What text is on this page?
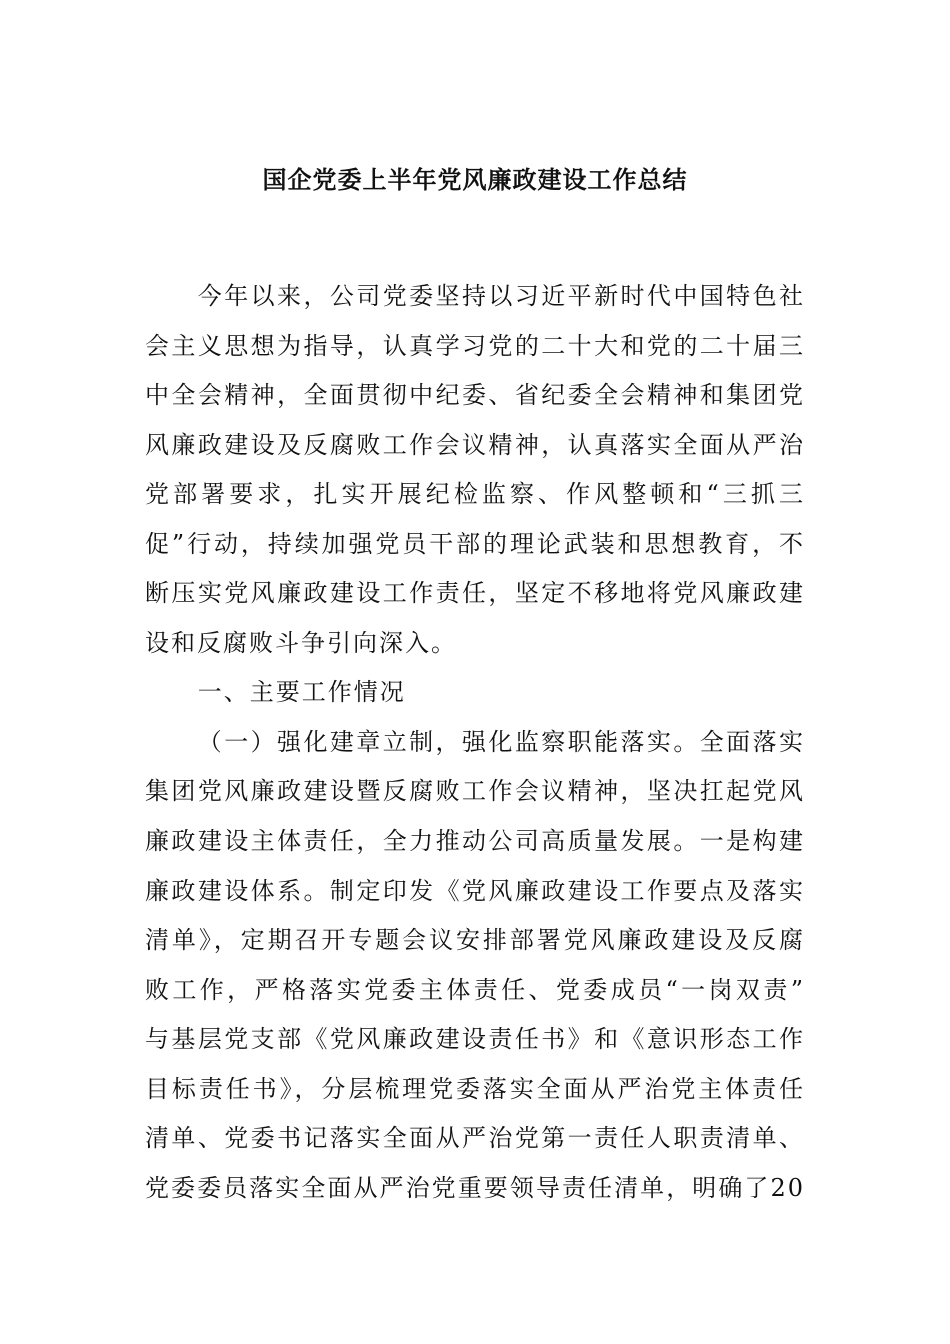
国企党委上半年党风廉政建设工作总结
今年以来，公司党委坚持以习近平新时代中国特色社
会主义思想为指导，认真学习党的二十大和党的二十届三
中全会精神，全面贯彻中纪委、省纪委全会精神和集团党
风廉政建设及反腐败工作会议精神，认真落实全面从严治
党部署要求，扎实开展纪检监察、作风整顿和“三抓三
促”行动，持续加强党员干部的理论武装和思想教育，不
断压实党风廉政建设工作责任，坚定不移地将党风廉政建
设和反腐败斗争引向深入。
一、主要工作情况
（一）强化建章立制，强化监察职能落实。全面落实
集团党风廉政建设暨反腐败工作会议精神，坚决扛起党风
廉政建设主体责任，全力推动公司高质量发展。一是构建
廉政建设体系。制定印发《党风廉政建设工作要点及落实
清单》，定期召开专题会议安排部署党风廉政建设及反腐
败工作，严格落实党委主体责任、党委成员“一岗双责”
与基层党支部《党风廉政建设责任书》和《意识形态工作
目标责任书》，分层梳理党委落实全面从严治党主体责任
清单、党委书记落实全面从严治党第一责任人职责清单、
党委委员落实全面从严治党重要领导责任清单，明确了20
